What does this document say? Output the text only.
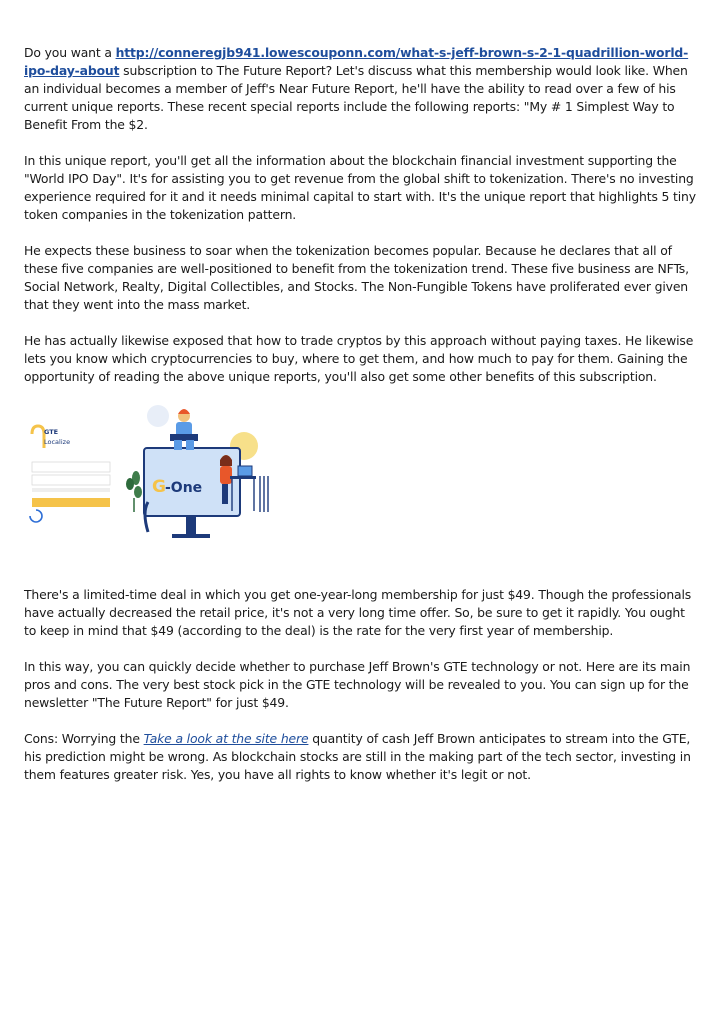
Do you want a http://conneregjb941.lowescouponn.com/what-s-jeff-brown-s-2-1-quadrillion-world-ipo-day-about subscription to The Future Report? Let's discuss what this membership would look like. When an individual becomes a member of Jeff's Near Future Report, he'll have the ability to read over a few of his current unique reports. These recent special reports include the following reports: "My # 1 Simplest Way to Benefit From the $2.

In this unique report, you'll get all the information about the blockchain financial investment supporting the "World IPO Day". It's for assisting you to get revenue from the global shift to tokenization. There's no investing experience required for it and it needs minimal capital to start with. It's the unique report that highlights 5 tiny token companies in the tokenization pattern.

He expects these business to soar when the tokenization becomes popular. Because he declares that all of these five companies are well-positioned to benefit from the tokenization trend. These five business are NFTs, Social Network, Realty, Digital Collectibles, and Stocks. The Non-Fungible Tokens have proliferated ever given that they went into the mass market.

He has actually likewise exposed that how to trade cryptos by this approach without paying taxes. He likewise lets you know which cryptocurrencies to buy, where to get them, and how much to pay for them. Gaining the opportunity of reading the above unique reports, you'll also get some other benefits of this subscription.

GTE
Localize
G -One

There's a limited-time deal in which you get one-year-long membership for just $49. Though the professionals have actually decreased the retail price, it's not a very long time offer. So, be sure to get it rapidly. You ought to keep in mind that $49 (according to the deal) is the rate for the very first year of membership.

In this way, you can quickly decide whether to purchase Jeff Brown's GTE technology or not. Here are its main pros and cons. The very best stock pick in the GTE technology will be revealed to you. You can sign up for the newsletter "The Future Report" for just $49.

Cons: Worrying the Take a look at the site here quantity of cash Jeff Brown anticipates to stream into the GTE, his prediction might be wrong. As blockchain stocks are still in the making part of the tech sector, investing in them features greater risk. Yes, you have all rights to know whether it's legit or not.
